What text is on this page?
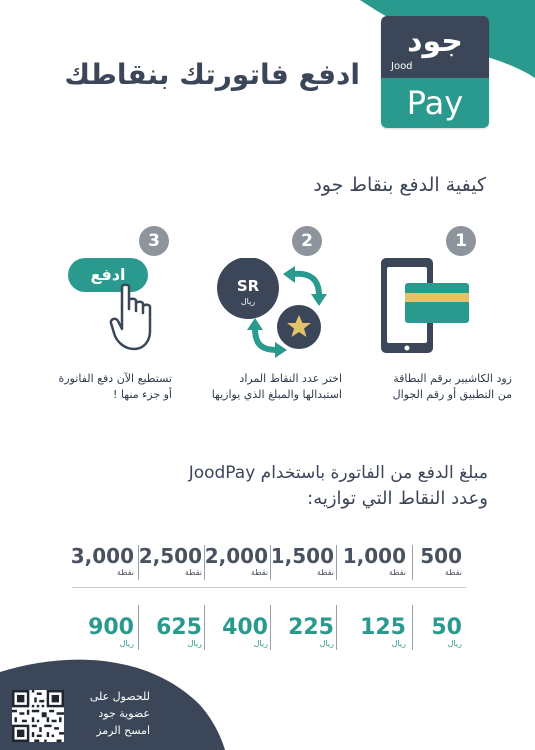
جود
Jood
Pay
ادفع فاتورتك بنقاطك
كيفية الدفع بنقاط جود
1
2
3
SR
ريال
ادفع
زود الكاشيير برقم البطاقة
من التطبيق أو رقم الجوال
اختر عدد النقاط المراد
استبدالها والمبلغ الذي يوازيها
تستطيع الآن دفع الفاتورة
أو جزء منها !
مبلغ الدفع من الفاتورة باستخدام JoodPay
وعدد النقاط التي توازيه:
500
نقطة
50
ريال
1,000
نقطة
125
ريال
1,500
نقطة
225
ريال
2,000
نقطة
400
ريال
2,500
نقطة
625
ريال
3,000
نقطة
900
ريال
للحصول على
عضوية جود
امسح الرمز
